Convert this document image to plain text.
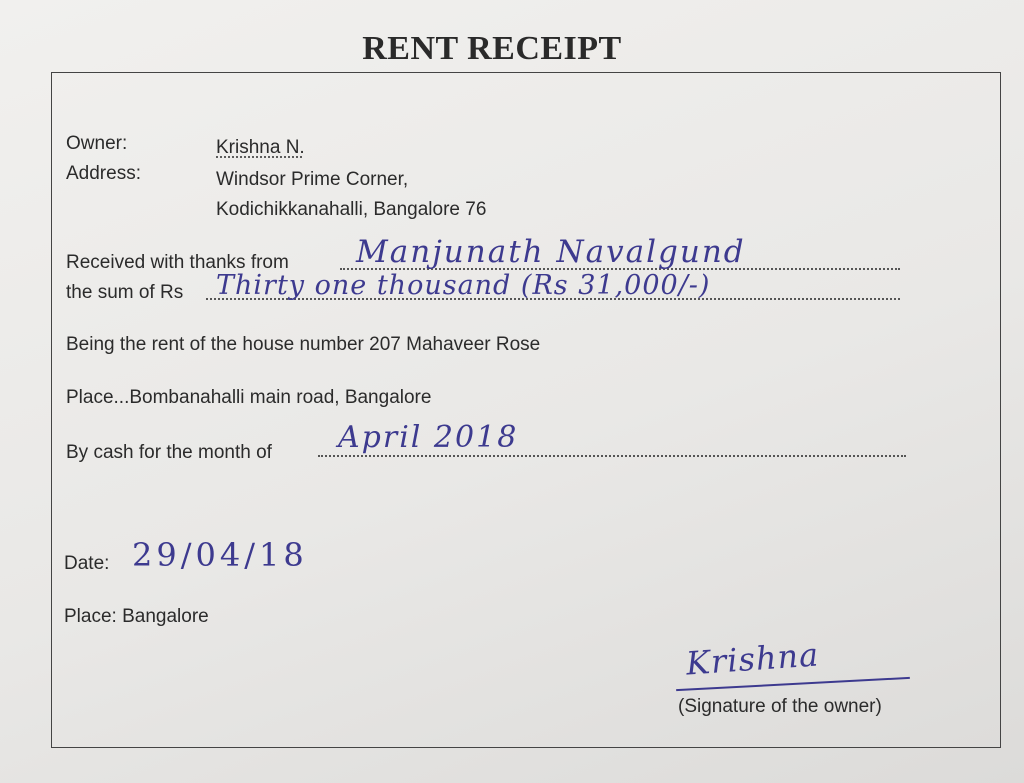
RENT RECEIPT
Owner:	Krishna N.
Address:	Windsor Prime Corner,
Kodichikkanahalli, Bangalore 76
Received with thanks from Manjunath Navalgund
the sum of Rs Thirty one thousand (Rs 31,000/-)
Being the rent of the house number 207 Mahaveer Rose
Place...Bombanahalli main road, Bangalore
By cash for the month of April 2018
Date: 29/04/18
Place: Bangalore
Krishna
(Signature of the owner)
